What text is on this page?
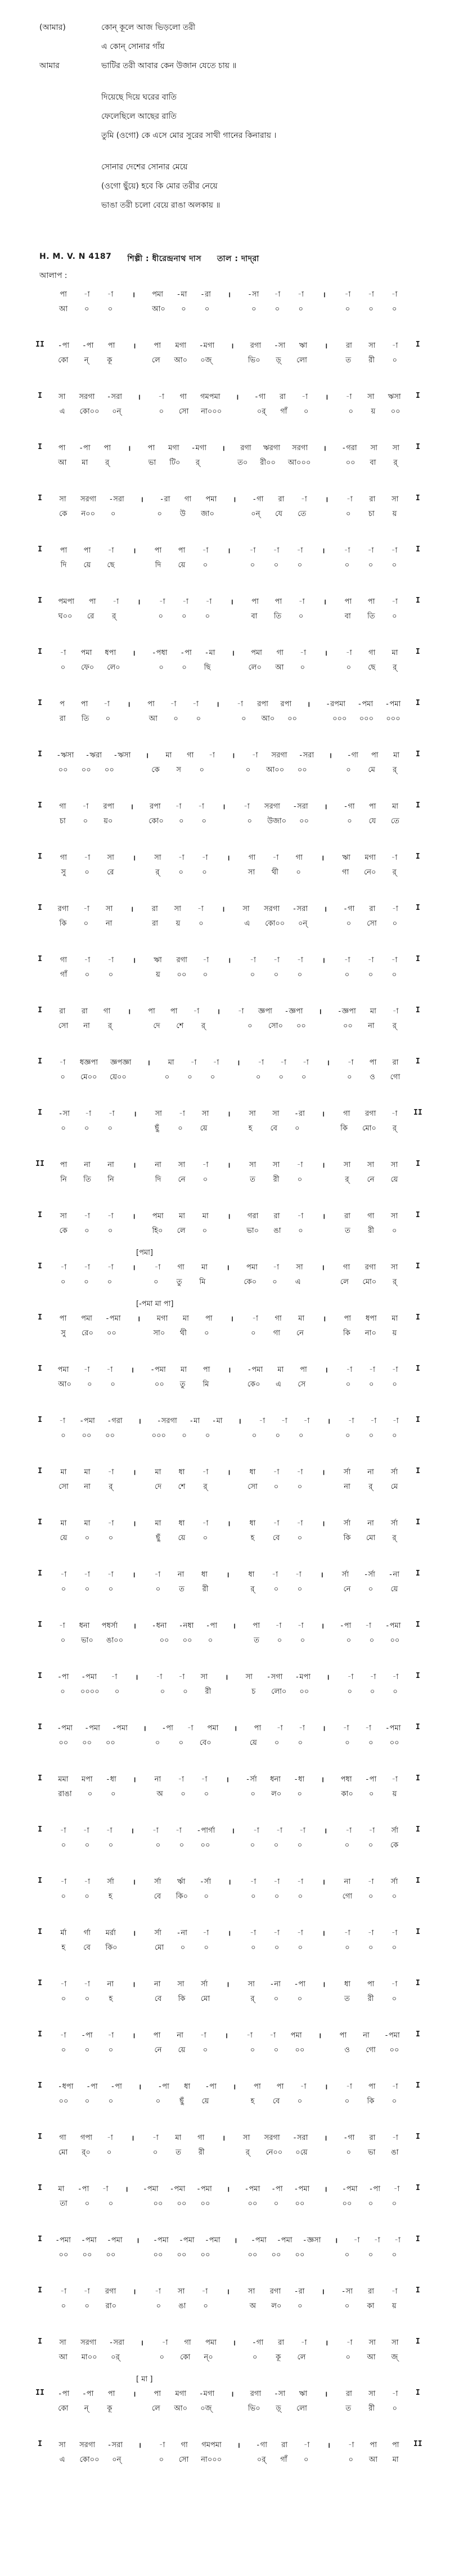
(আমার)	কোন্‌ কূলে আজ ভিড়লো তরী
এ কোন্‌ সোনার গাঁয়
আমার	ভাটির তরী আবার কেন উজান যেতে চায় ॥
দিয়েছে দিয়ে ঘরের বাতি
ফেলেছিলে আছের রাতি
তুমি (ওগো) কে এসে মোর সুরের সাথী গানের কিনারায় ।
সোনার দেশের সোনার মেয়ে
(ওগো ছুঁয়ে) হবে কি মোর তরীর নেয়ে
ভাঙা তরী চলো বেয়ে রাঙা অলকায় ॥
H. M. V. N 4187 শিল্পী : ধীরেন্দ্রনাথ দাস তাল : দাদ্‌রা
আলাপ :
পা -া -া	।	পমা -মা -রা	।	-সা -া -া	।	-া -া -া
আ	০	০	আ০	০	০	০	০	০	০	০	০
II -পা -পা পা	।	পা মগা -মগা	।	রগা -সা ঋা	।	রা সা -া	I
কো	ন্‌	কূ	লে আ০ ০জ্‌	ভি০	ড়্‌	লো	ত	রী	০
I	সা সরগা -সরা	।	-া গা গমপমা	।	-গা রা -া	।	-া সা ঋসা	I
এ	কো০০ ০ন্‌	০	সো না০০০	০র্‌ গাঁ	০	০	য়	০০
I	পা -পা পা	।	পা মগা -মগা	।	রগা ঋরগা সরগা	।	-গরা সা সা	I
আ মা	র্‌	ভা টি০	র্‌	ত০ রী০০ আ০০০	০০ বা	র্‌
I	সা সরগা -সরা	।	-রা গা পমা	।	-গা রা -া	।	-া রা সা	I
কে ন০০	০	০	উ	জা০	০ন্‌ যে তে	০	চা	য়
I	পা পা -া	।	পা পা -া	।	-া -া -া	।	-া -া -া	I
দি য়ে ছে	দি য়ে	০	০	০	০	০	০	০
I	পমপা পা -া	।	-া -া -া	।	পা পা -া	।	পা পা -া	I
ঘ০০ রে	র্‌	০	০	০	বা তি	০	বা তি	০
I	-া পমা ধপা	।	-পধা -পা -মা	।	পমা গা -া	।	-া গা মা	I
০	ফে০ লে০	০	০	ছি	লে০ আ	০	০	ছে	র্‌
I	প	পা -া	।	পা -া -া	।	-া রপা রপা	।	-রপমা -পমা -পমা	I
রা তি	০	আ	০	০	০	আ০ ০০	০০০ ০০০ ০০০
I	-ঋসা -ঋরা -ঋসা	।	মা গা -া	।	-া সরগা -সরা	।	-গা পা মা	I
০০ ০০ ০০	কে	স	০	০	আ০০ ০০	০	মে	র্‌
I	গা -া রপা	।	রপা -া -া	।	-া সরগা -সরা	।	-গা পা মা	I
চা	০	য়০	কো০	০	০	০	উজা০ ০০	০	যে তে
I	গা -া সা	।	সা -া -া	।	গা -া গা	।	ঋা মগা -া	I
সু	০	রে	র্‌	০	০	সা থী	০	গা নে০	র্‌
I	রগা -া সা	।	রা সা -া	।	সা সরগা -সরা	।	-গা রা -া	I
কি	০	না	রা	য়	০	এ	কো০০ ০ন্‌	০	সো	০
I	গা -া -া	।	ঋা রগা -া	।	-া -া -া	।	-া -া -া	I
গাঁ	০	০	য়	০০	০	০	০	০	০	০	০
I	রা রা গা	।	পা পা -া	।	-া জ্ঞপা -জ্ঞপা	।	-জ্ঞপা মা -া	I
সো না	র্‌	দে শে	র্‌	০	সো০ ০০	০০ না	র্‌
I	-া ধজ্ঞপা জ্ঞপজ্ঞা	।	মা -া -া	।	-া -া -া	।	-া পা রা	I
০	মে০০ য়ে০০	০	০	০	০	০	০	০	ও	গো
I	-সা -া -া	।	সা -া সা	।	সা সা -রা	।	গা রগা -া II
০	০	০	ছুঁ	০	য়ে	হ	বে	০	কি মো০	র্‌
II পা না না	।	না সা -া	।	সা সা -া	।	সা সা সা	I
নি তি নি	দি নে	০	ত	রী	০	র্‌	নে য়ে
I	সা -া -া	।	পমা মা মা	।	গরা রা -া	।	রা গা সা	I
কে	০	০	হি০ লে	০	ভা০ ঙা	০	ত	রী	০
[পমা]
I	-া -া -া	।	-া গা মা	।	পমা -া সা	।	গা রগা সা	I
০	০	০	০	তু	মি	কে০	০	এ	লে মো০	র্‌
[-পমা মা পা]
I	পা পমা -পমা	।	মগা মা পা	।	-া গা মা	।	পা ধপা মা	I
সু	রে০ ০০	সা০ থী	০	০	গা নে	কি না০	য়
I	পমা -া -া	।	-পমা মা পা	।	-পমা মা পা	।	-া -া -া	I
আ০	০	০	০০	তু	মি	কে০	এ	সে	০	০	০
I	-া -পমা -গরা	।	-সরগা -মা -মা	।	-া -া -া	।	-া -া -া	I
০	০০ ০০	০০০	০	০	০	০	০	০	০	০
I	মা মা -া	।	মা ধা -া	।	ধা -া -া	।	র্সা না র্সা	I
সো না	র্‌	দে শে	র্‌	সো	০	০	না	র্‌	মে
I	মা মা -া	।	মা ধা -া	।	ধা -া -া	।	র্সা না র্সা	I
য়ে	০	০	ছুঁ	য়ে	০	হ	বে	০	কি মো	র্‌
I	-া -া -া	।	-া না ধা	।	ধা -া -া	।	র্সা -র্সা -না	I
০	০	০	০	ত	রী	র্‌	০	০	নে	০	য়ে
I	-া ধনা পধর্সা	।	-ধনা -নধা -পা	।	পা -া -া	।	-পা -া -পমা	I
০	ভা০ ঙা০০	০০ ০০	০	ত	০	০	০	০	০০
I	-পা -পমা -া	।	-া -া সা	।	সা -সগা -মপা	।	-া -া -া	I
০	০০০০	০	০	০	রী	চ	লো০ ০০	০	০	০
I	-পমা -পমা -পমা	।	-পা -া পমা	।	পা -া -া	।	-া -া -পমা	I
০০ ০০ ০০	০	০	বে০	য়ে	০	০	০	০	০০
I	মমা মপা -ধা	।	না -া -া	।	-র্সা ধনা -ধা	।	পধা -পা -া	I
রাঙা	০	০	অ	০	০	০	ল০	০	কা০	০	য়
I	-া -া -া	।	-া -া -পার্গা	।	-া -া -া	।	-া -া র্সা	I
০	০	০	০	০	০০	০	০	০	০	০	কে
I	-া -া র্সা	।	র্সা র্ঋা -র্সা	।	-া -া -া	।	না -া র্সা	I
০	০	হ	বে কি০	০	০	০	০	গো	০	০
I	র্মা র্গা মর্রা	।	র্সা -না -া	।	-া -া -া	।	-া -া -া	I
হ	বে কি০	মো	০	০	০	০	০	০	০	০
I	-া -া না	।	না সা র্সা	।	সা -না -পা	।	ধা পা -া	I
০	০	হ	বে কি মো	র্‌	০	০	ত	রী	০
I	-া -পা -া	।	পা না -া	।	-া -া পমা	।	পা না -পমা	I
০	০	০	নে য়ে	০	০	০	০০	ও	গো ০০
I	-ধপা -পা -পা	।	-পা ধা -পা	।	পা পা -া	।	-া পা -া	I
০০	০	০	০	ছুঁ	য়ে	হ	বে	০	০	কি	০
I	গা গপা -া	।	-া মা গা	।	সা সরগা -সরা	।	-গা রা -া	I
মো র্‌০	০	০	ত	রী	র্‌	নে০০ ০য়ে	০	ভা ঙা
I	মা -পা -া	।	-পমা -পমা -পমা	।	-পমা -পা -পমা	।	-পমা -পা -া	I
তা	০	০	০০ ০০ ০০	০০	০	০০	০০	০	০
I	-পমা -পমা -পমা	।	-পমা -পমা -পমা	।	-পমা -পমা -জ্ঞসা	।	-া -া -া	I
০০ ০০ ০০	০০ ০০ ০০	০০ ০০ ০০	০	০	০
I	-া -া রগা	।	-া সা -া	।	সা রগা -রা	।	-সা রা -া	I
০	০	রা০	০	ঙা	০	অ ল০	০	০	কা	য়
I	সা সরগা -সরা	।	-া গা পমা	।	-গা রা -া	।	-া সা সা	I
আ মা০০ ০র্‌	০	কো ন্‌০	০	কূ	লে	০	আ জ্‌
[ মা ]
II -পা -পা পা	।	পা মগা -মগা	।	রগা -সা ঋা	।	রা সা -া	I
কো	ন্‌	কূ	লে আ০ ০জ্‌	ভি০	ড়্‌	লো	ত	রী	০
I	সা সরগা -সরা	।	-া গা গমপমা	।	-গা রা -া	।	-া পা পা II
এ	কো০০ ০ন্‌	০	সো না০০০	০র্‌ গাঁ	০	০	আ মা
